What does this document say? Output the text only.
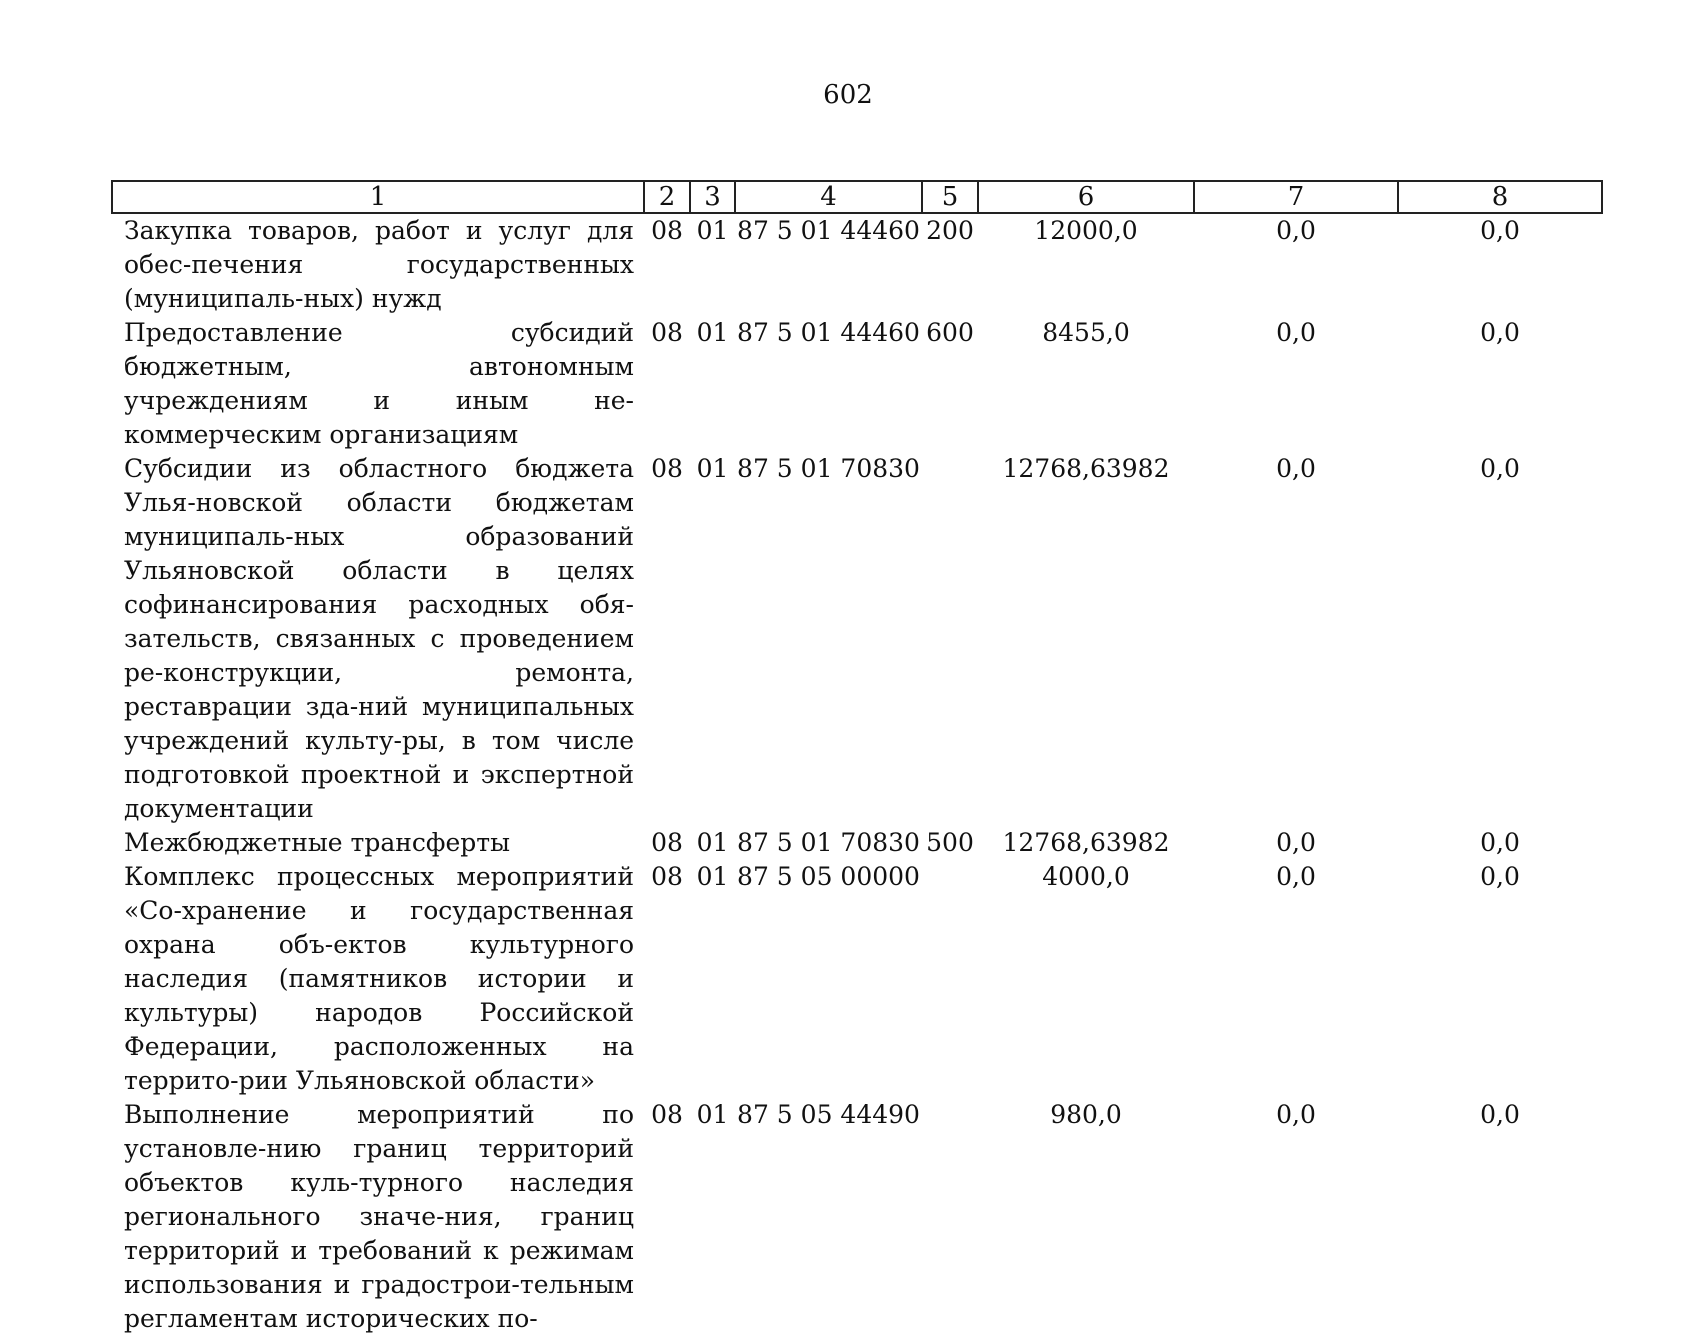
602
1	2	3	4	5	6	7	8
Закупка товаров, работ и услуг для обес-печения государственных (муниципаль-ных) нужд	08	01	87 5 01 44460	200	12000,0	0,0	0,0
Предоставление субсидий бюджетным, автономным учреждениям и иным не-коммерческим организациям	08	01	87 5 01 44460	600	8455,0	0,0	0,0
Субсидии из областного бюджета Улья-новской области бюджетам муниципаль-ных образований Ульяновской области в целях софинансирования расходных обя-зательств, связанных с проведением ре-конструкции, ремонта, реставрации зда-ний муниципальных учреждений культу-ры, в том числе подготовкой проектной и экспертной документации	08	01	87 5 01 70830		12768,63982	0,0	0,0
Межбюджетные трансферты	08	01	87 5 01 70830	500	12768,63982	0,0	0,0
Комплекс процессных мероприятий «Со-хранение и государственная охрана объ-ектов культурного наследия (памятников истории и культуры) народов Российской Федерации, расположенных на террито-рии Ульяновской области»	08	01	87 5 05 00000		4000,0	0,0	0,0
Выполнение мероприятий по установле-нию границ территорий объектов куль-турного наследия регионального значе-ния, границ территорий и требований к режимам использования и градострои-тельным регламентам исторических по-	08	01	87 5 05 44490		980,0	0,0	0,0
